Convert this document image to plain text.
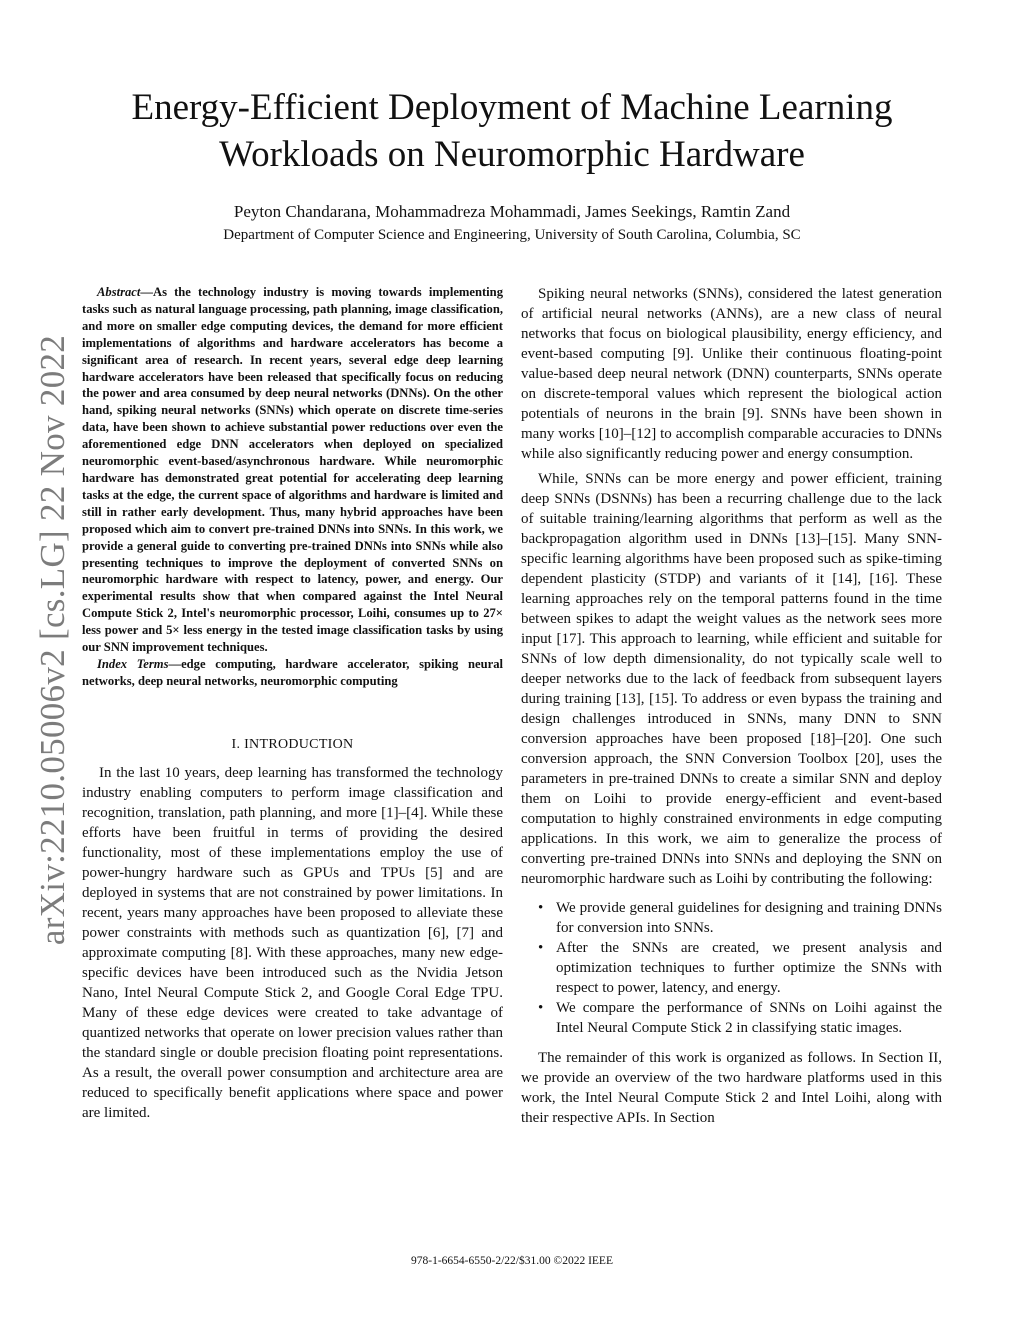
arXiv:2210.05006v2 [cs.LG] 22 Nov 2022
Energy-Efficient Deployment of Machine Learning
Workloads on Neuromorphic Hardware
Peyton Chandarana, Mohammadreza Mohammadi, James Seekings, Ramtin Zand
Department of Computer Science and Engineering, University of South Carolina, Columbia, SC

Abstract—As the technology industry is moving towards implementing tasks such as natural language processing, path planning, image classification, and more on smaller edge computing devices, the demand for more efficient implementations of algorithms and hardware accelerators has become a significant area of research. In recent years, several edge deep learning hardware accelerators have been released that specifically focus on reducing the power and area consumed by deep neural networks (DNNs). On the other hand, spiking neural networks (SNNs) which operate on discrete time-series data, have been shown to achieve substantial power reductions over even the aforementioned edge DNN accelerators when deployed on specialized neuromorphic event-based/asynchronous hardware. While neuromorphic hardware has demonstrated great potential for accelerating deep learning tasks at the edge, the current space of algorithms and hardware is limited and still in rather early development. Thus, many hybrid approaches have been proposed which aim to convert pre-trained DNNs into SNNs. In this work, we provide a general guide to converting pre-trained DNNs into SNNs while also presenting techniques to improve the deployment of converted SNNs on neuromorphic hardware with respect to latency, power, and energy. Our experimental results show that when compared against the Intel Neural Compute Stick 2, Intel's neuromorphic processor, Loihi, consumes up to 27× less power and 5× less energy in the tested image classification tasks by using our SNN improvement techniques.

Index Terms—edge computing, hardware accelerator, spiking neural networks, deep neural networks, neuromorphic computing

I. INTRODUCTION

In the last 10 years, deep learning has transformed the technology industry enabling computers to perform image classification and recognition, translation, path planning, and more [1]–[4]. While these efforts have been fruitful in terms of providing the desired functionality, most of these implementations employ the use of power-hungry hardware such as GPUs and TPUs [5] and are deployed in systems that are not constrained by power limitations. In recent, years many approaches have been proposed to alleviate these power constraints with methods such as quantization [6], [7] and approximate computing [8]. With these approaches, many new edge-specific devices have been introduced such as the Nvidia Jetson Nano, Intel Neural Compute Stick 2, and Google Coral Edge TPU. Many of these edge devices were created to take advantage of quantized networks that operate on lower precision values rather than the standard single or double precision floating point representations. As a result, the overall power consumption and architecture area are reduced to specifically benefit applications where space and power are limited.

Spiking neural networks (SNNs), considered the latest generation of artificial neural networks (ANNs), are a new class of neural networks that focus on biological plausibility, energy efficiency, and event-based computing [9]. Unlike their continuous floating-point value-based deep neural network (DNN) counterparts, SNNs operate on discrete-temporal values which represent the biological action potentials of neurons in the brain [9]. SNNs have been shown in many works [10]–[12] to accomplish comparable accuracies to DNNs while also significantly reducing power and energy consumption.

While, SNNs can be more energy and power efficient, training deep SNNs (DSNNs) has been a recurring challenge due to the lack of suitable training/learning algorithms that perform as well as the backpropagation algorithm used in DNNs [13]–[15]. Many SNN-specific learning algorithms have been proposed such as spike-timing dependent plasticity (STDP) and variants of it [14], [16]. These learning approaches rely on the temporal patterns found in the time between spikes to adapt the weight values as the network sees more input [17]. This approach to learning, while efficient and suitable for SNNs of low depth dimensionality, do not typically scale well to deeper networks due to the lack of feedback from subsequent layers during training [13], [15]. To address or even bypass the training and design challenges introduced in SNNs, many DNN to SNN conversion approaches have been proposed [18]–[20]. One such conversion approach, the SNN Conversion Toolbox [20], uses the parameters in pre-trained DNNs to create a similar SNN and deploy them on Loihi to provide energy-efficient and event-based computation to highly constrained environments in edge computing applications. In this work, we aim to generalize the process of converting pre-trained DNNs into SNNs and deploying the SNN on neuromorphic hardware such as Loihi by contributing the following:

• We provide general guidelines for designing and training DNNs for conversion into SNNs.
• After the SNNs are created, we present analysis and optimization techniques to further optimize the SNNs with respect to power, latency, and energy.
• We compare the performance of SNNs on Loihi against the Intel Neural Compute Stick 2 in classifying static images.

The remainder of this work is organized as follows. In Section II, we provide an overview of the two hardware platforms used in this work, the Intel Neural Compute Stick 2 and Intel Loihi, along with their respective APIs. In Section

978-1-6654-6550-2/22/$31.00 ©2022 IEEE
